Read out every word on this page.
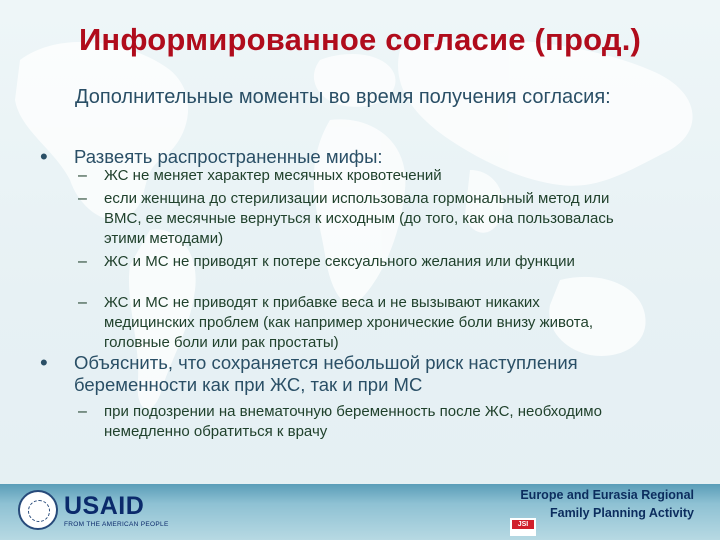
Информированное согласие (прод.)
Дополнительные моменты во время получения согласия:
• Развеять распространенные мифы:
– ЖС не меняет характер месячных кровотечений
– если женщина до стерилизации использовала гормональный метод или ВМС, ее месячные вернуться к исходным (до того, как она пользовалась этими методами)
– ЖС и МС не приводят к потере сексуального желания или функции
– ЖС и МС не приводят к прибавке веса и не вызывают никаких медицинских проблем (как например хронические боли внизу живота, головные боли или рак простаты)
• Объяснить, что сохраняется небольшой риск наступления беременности как при ЖС, так и при МС
– при подозрении на внематочную беременность после ЖС, необходимо немедленно обратиться к врачу
USAID
FROM THE AMERICAN PEOPLE
Europe and Eurasia Regional
JSI
Family Planning Activity
